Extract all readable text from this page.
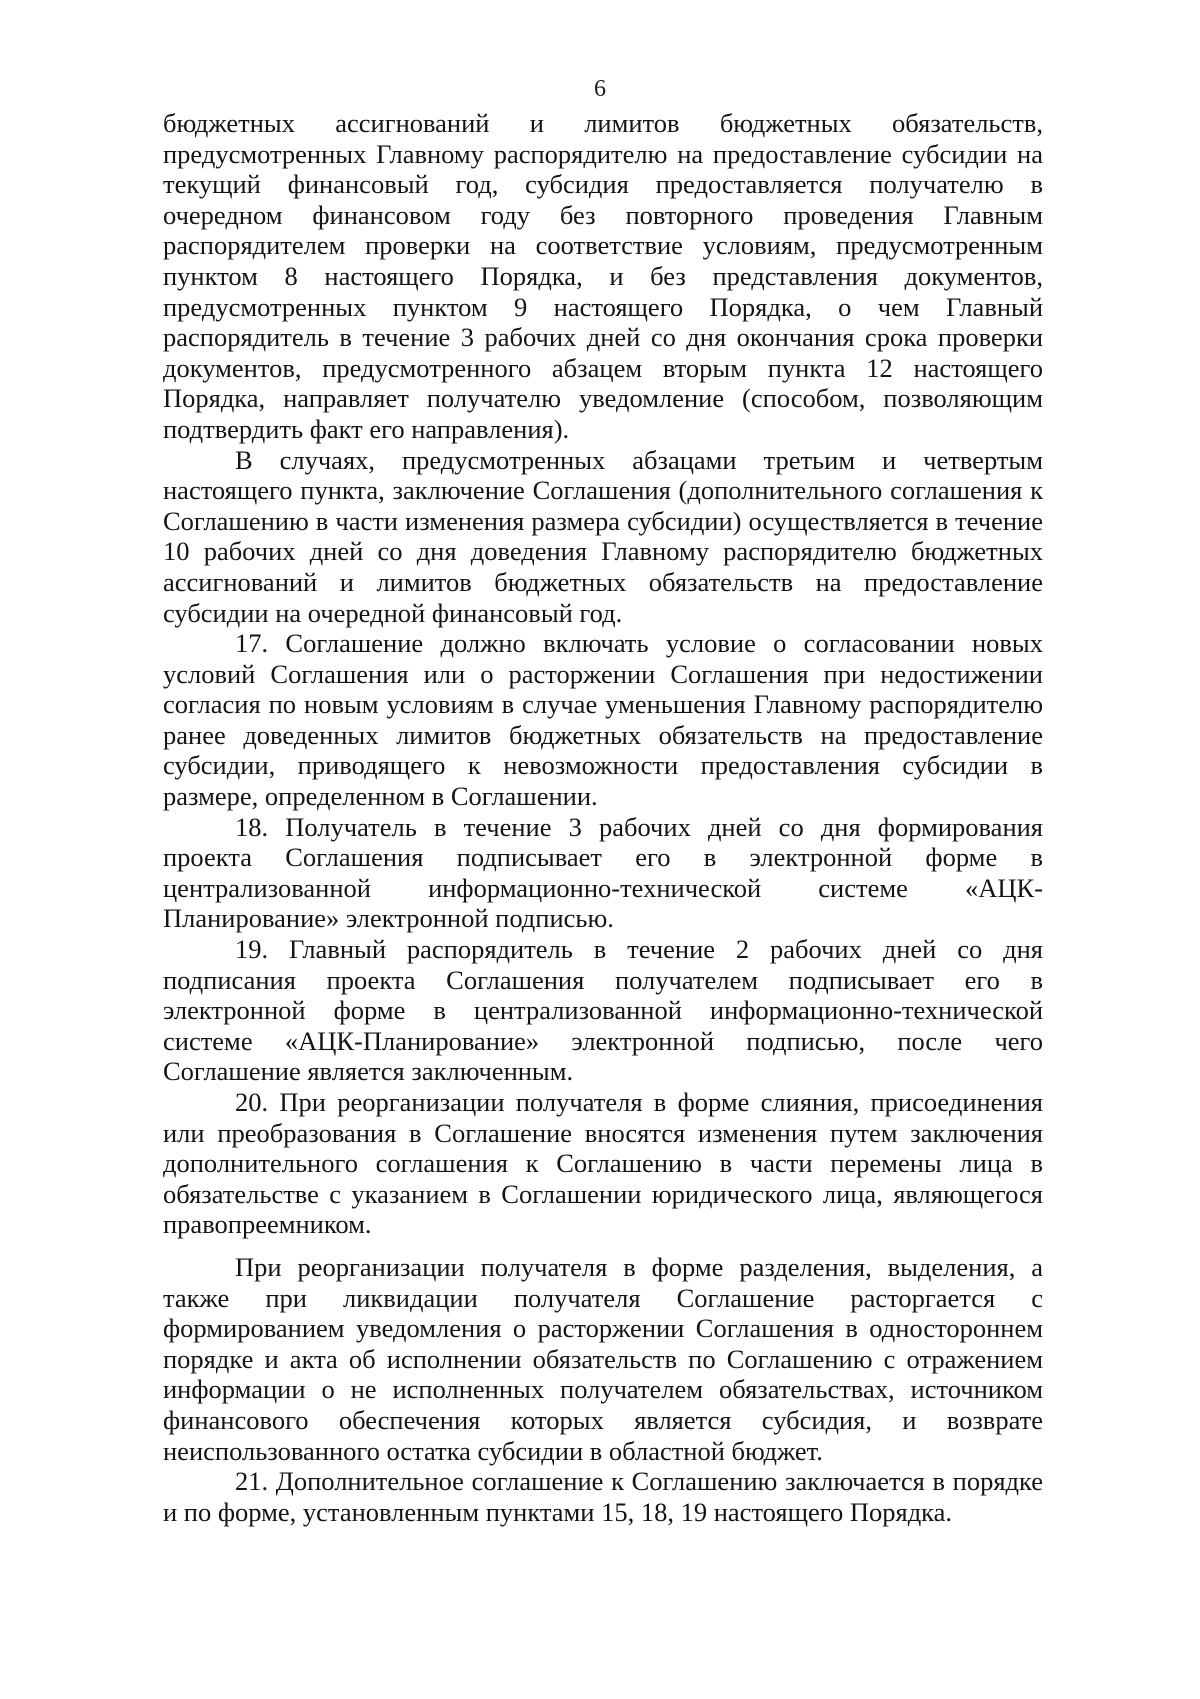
6

бюджетных ассигнований и лимитов бюджетных обязательств, предусмотренных Главному распорядителю на предоставление субсидии на текущий финансовый год, субсидия предоставляется получателю в очередном финансовом году без повторного проведения Главным распорядителем проверки на соответствие условиям, предусмотренным пунктом 8 настоящего Порядка, и без представления документов, предусмотренных пунктом 9 настоящего Порядка, о чем Главный распорядитель в течение 3 рабочих дней со дня окончания срока проверки документов, предусмотренного абзацем вторым пункта 12 настоящего Порядка, направляет получателю уведомление (способом, позволяющим подтвердить факт его направления).

В случаях, предусмотренных абзацами третьим и четвертым настоящего пункта, заключение Соглашения (дополнительного соглашения к Соглашению в части изменения размера субсидии) осуществляется в течение 10 рабочих дней со дня доведения Главному распорядителю бюджетных ассигнований и лимитов бюджетных обязательств на предоставление субсидии на очередной финансовый год.

17. Соглашение должно включать условие о согласовании новых условий Соглашения или о расторжении Соглашения при недостижении согласия по новым условиям в случае уменьшения Главному распорядителю ранее доведенных лимитов бюджетных обязательств на предоставление субсидии, приводящего к невозможности предоставления субсидии в размере, определенном в Соглашении.

18. Получатель в течение 3 рабочих дней со дня формирования проекта Соглашения подписывает его в электронной форме в централизованной информационно-технической системе «АЦК-Планирование» электронной подписью.

19. Главный распорядитель в течение 2 рабочих дней со дня подписания проекта Соглашения получателем подписывает его в электронной форме в централизованной информационно-технической системе «АЦК-Планирование» электронной подписью, после чего Соглашение является заключенным.

20. При реорганизации получателя в форме слияния, присоединения или преобразования в Соглашение вносятся изменения путем заключения дополнительного соглашения к Соглашению в части перемены лица в обязательстве с указанием в Соглашении юридического лица, являющегося правопреемником.

При реорганизации получателя в форме разделения, выделения, а также при ликвидации получателя Соглашение расторгается с формированием уведомления о расторжении Соглашения в одностороннем порядке и акта об исполнении обязательств по Соглашению с отражением информации о не исполненных получателем обязательствах, источником финансового обеспечения которых является субсидия, и возврате неиспользованного остатка субсидии в областной бюджет.

21. Дополнительное соглашение к Соглашению заключается в порядке и по форме, установленным пунктами 15, 18, 19 настоящего Порядка.
